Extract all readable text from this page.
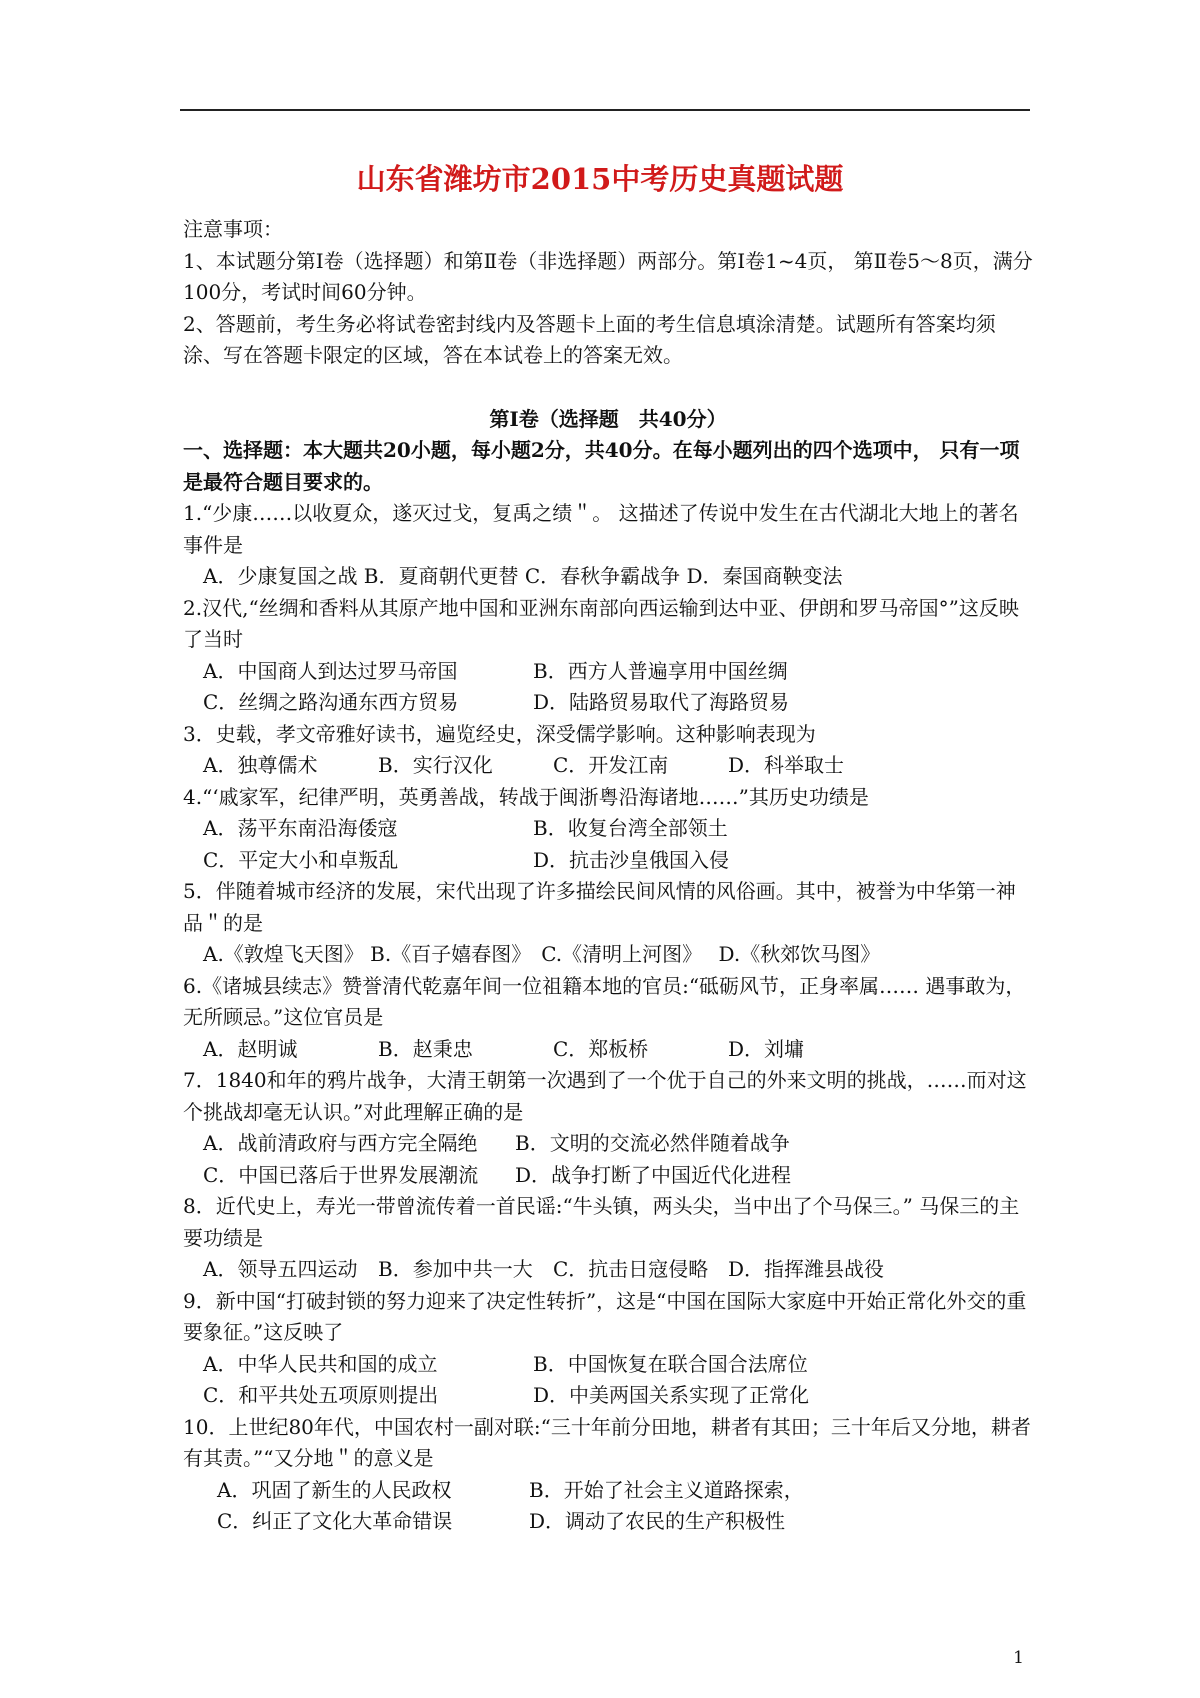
山东省潍坊市2015中考历史真题试题

注意事项：

1、本试题分第Ⅰ卷（选择题）和第Ⅱ卷（非选择题）两部分。第Ⅰ卷1~4页， 第Ⅱ卷5～8页，满分100分，考试时间60分钟。

2、答题前，考生务必将试卷密封线内及答题卡上面的考生信息填涂清楚。试题所有答案均须涂、写在答题卡限定的区域，答在本试卷上的答案无效。

第Ⅰ卷（选择题　共40分）

一、选择题：本大题共20小题，每小题2分，共40分。在每小题列出的四个选项中， 只有一项是最符合题目要求的。

1.“少康……以收夏众，遂灭过戈，复禹之绩＂。 这描述了传说中发生在古代湖北大地上的著名事件是

A．少康复国之战 B．夏商朝代更替 C．春秋争霸战争 D．秦国商鞅变法

2.汉代,“丝绸和香料从其原产地中国和亚洲东南部向西运输到达中亚、伊朗和罗马帝国°”这反映了当时

A．中国商人到达过罗马帝国	B．西方人普遍享用中国丝绸

C．丝绸之路沟通东西方贸易	D．陆路贸易取代了海路贸易

3．史载，孝文帝雅好读书，遍览经史，深受儒学影响。这种影响表现为

A．独尊儒术	B．实行汉化	C．开发江南	D．科举取士

4.“‘戚家军，纪律严明，英勇善战，转战于闽浙粤沿海诸地……”其历史功绩是

A．荡平东南沿海倭寇	B．收复台湾全部领土

C．平定大小和卓叛乱	D．抗击沙皇俄国入侵

5．伴随着城市经济的发展，宋代出现了许多描绘民间风情的风俗画。其中，被誉为中华第一神品＂的是

A.《敦煌飞天图》 B.《百子嬉春图》　C.《清明上河图》　 D.《秋郊饮马图》

6.《诸城县续志》赞誉清代乾嘉年间一位祖籍本地的官员:“砥砺风节，正身率属…… 遇事敢为，无所顾忌。”这位官员是

A．赵明诚	B．赵秉忠	C．郑板桥	D．刘墉

7．1840和年的鸦片战争，大清王朝第一次遇到了一个优于自己的外来文明的挑战，……而对这个挑战却毫无认识。”对此理解正确的是

A．战前清政府与西方完全隔绝 B．文明的交流必然伴随着战争

C．中国已落后于世界发展潮流 D．战争打断了中国近代化进程

8．近代史上，寿光一带曾流传着一首民谣:“牛头镇，两头尖，当中出了个马保三。” 马保三的主要功绩是

A．领导五四运动 B．参加中共一大 C．抗击日寇侵略 D．指挥潍县战役

9．新中国“打破封锁的努力迎来了决定性转折”，这是“中国在国际大家庭中开始正常化外交的重要象征。”这反映了

A．中华人民共和国的成立	B．中国恢复在联合国合法席位

C．和平共处五项原则提出	D．中美两国关系实现了正常化

10．上世纪80年代，中国农村一副对联:“三十年前分田地，耕者有其田；三十年后又分地，耕者有其责。”“又分地＂的意义是

A．巩固了新生的人民政权	B．开始了社会主义道路探索，

C．纠正了文化大革命错误	D．调动了农民的生产积极性

1
